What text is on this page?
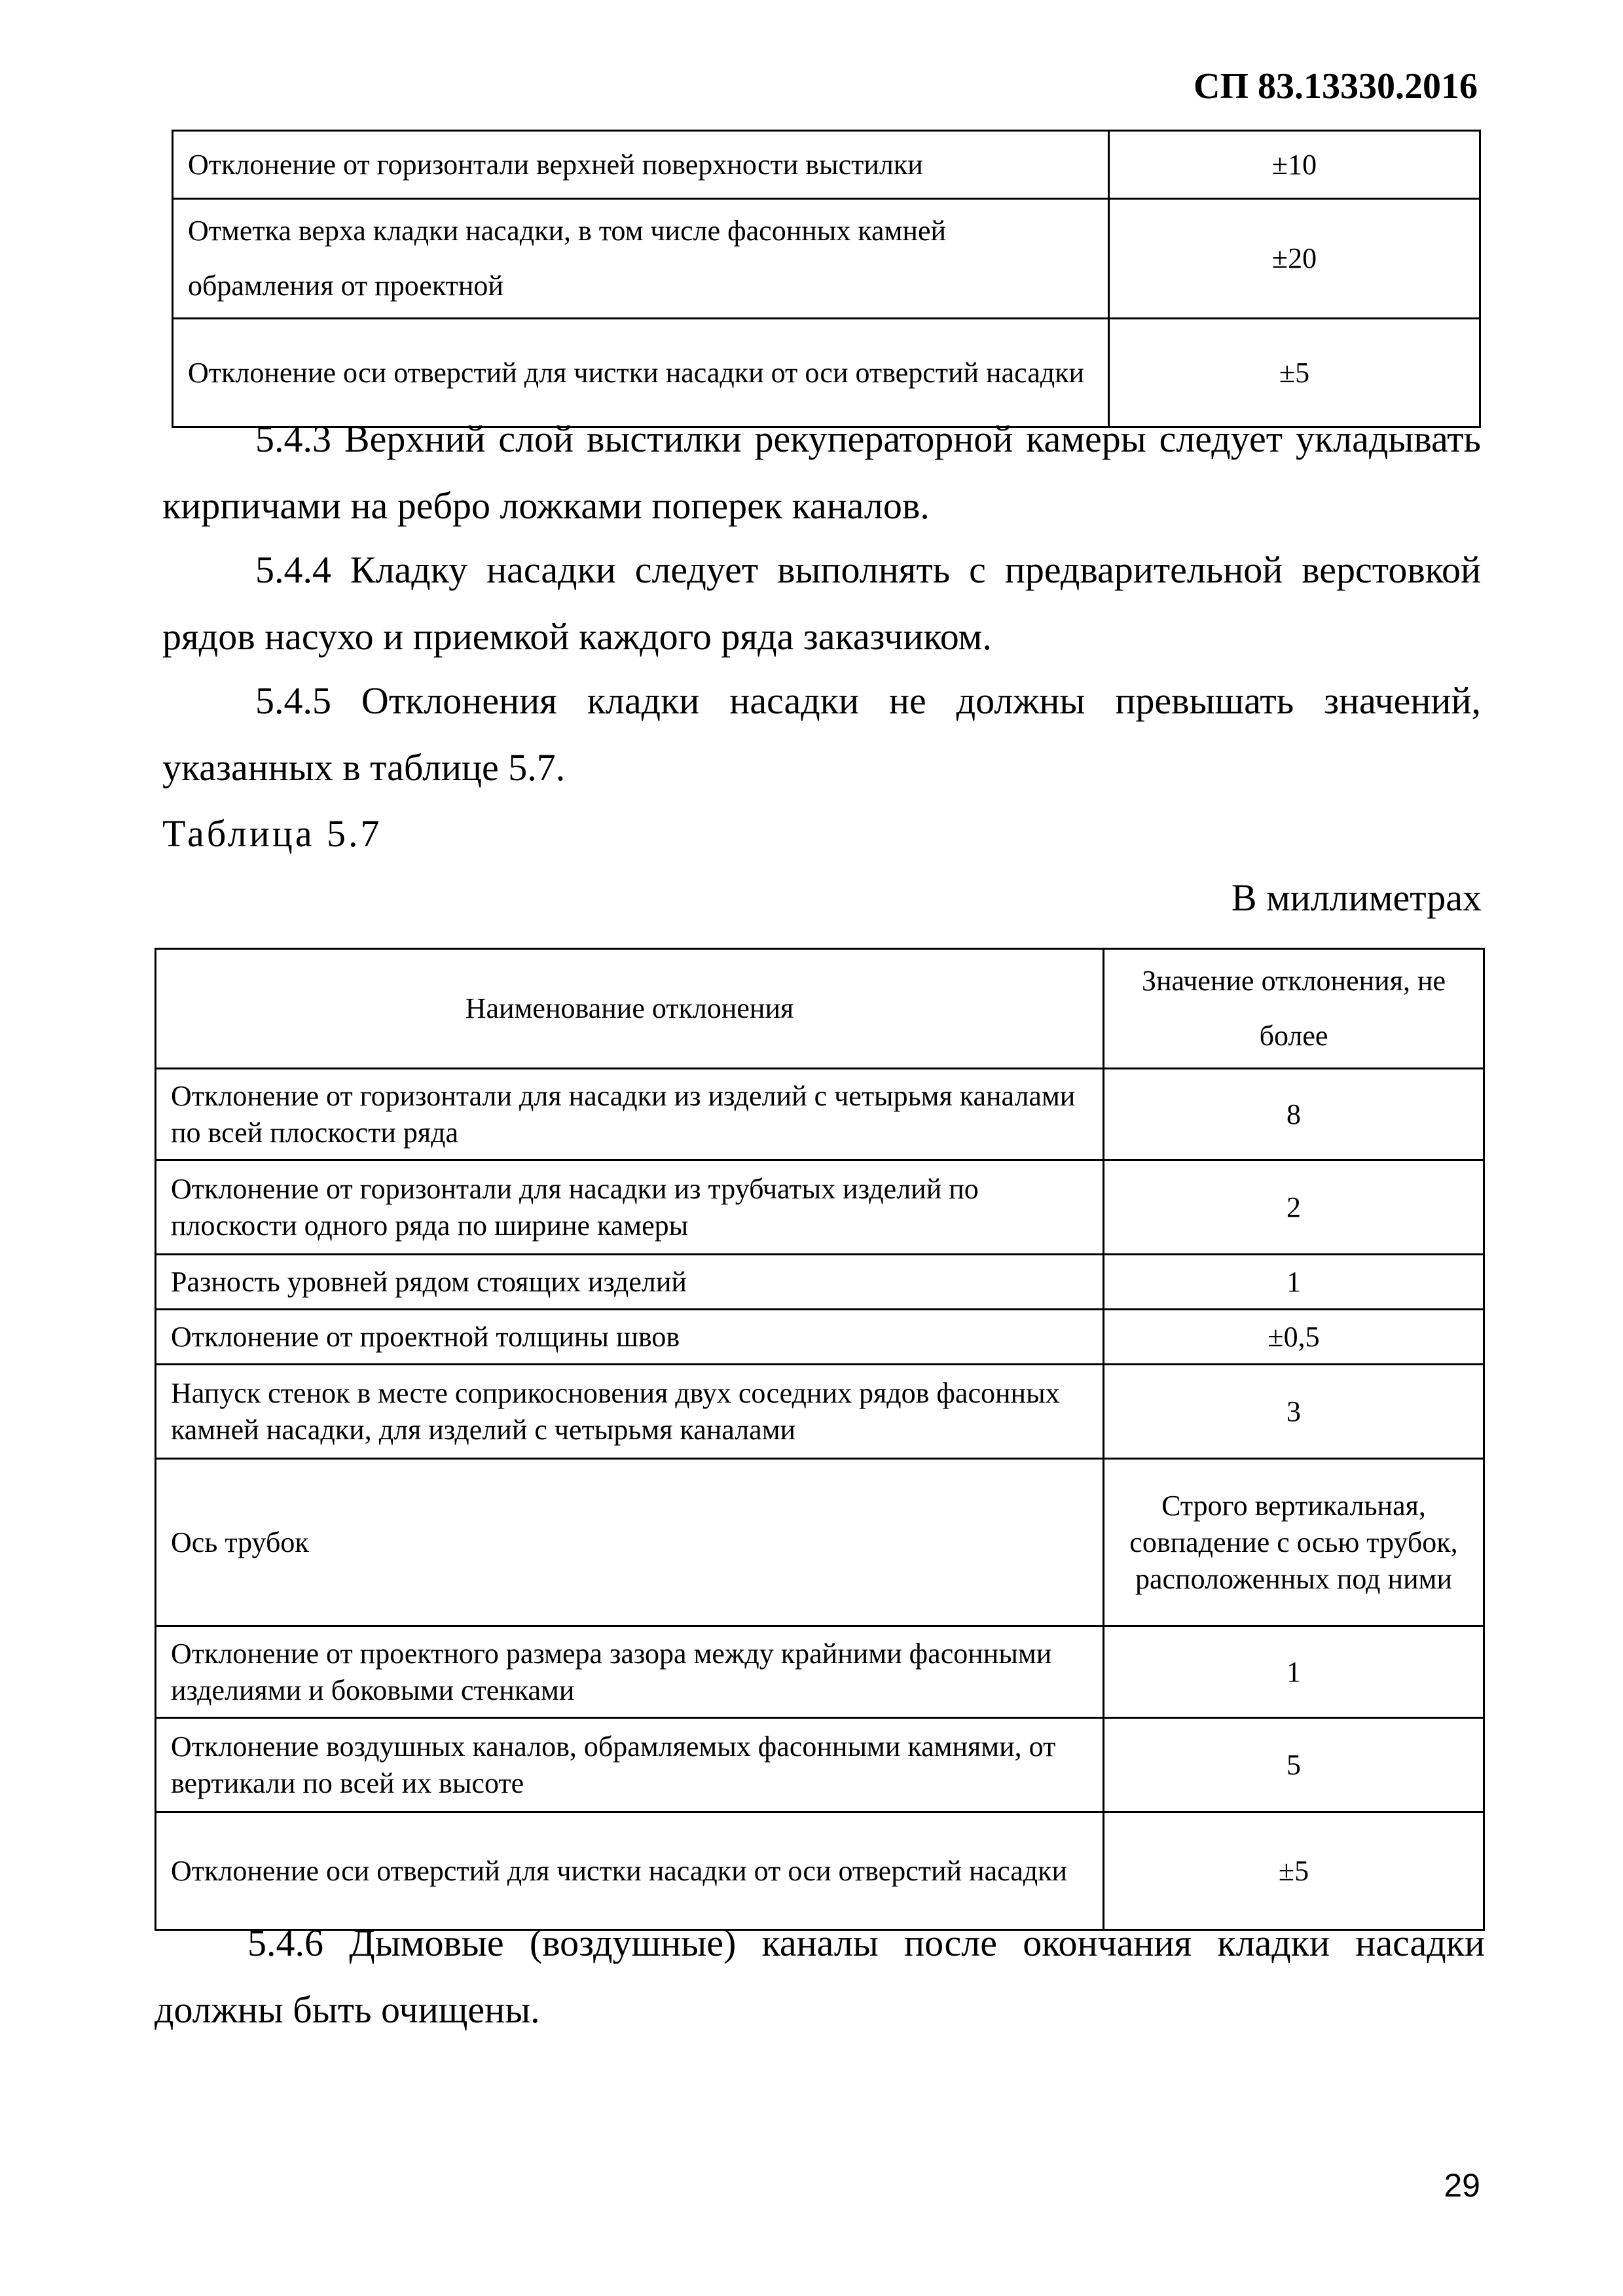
СП 83.13330.2016
Отклонение от горизонтали верхней поверхности выстилки	±10
Отметка верха кладки насадки, в том числе фасонных камней обрамления от проектной	±20
Отклонение оси отверстий для чистки насадки от оси отверстий насадки	±5
5.4.3 Верхний слой выстилки рекуператорной камеры следует укладывать
кирпичами на ребро ложками поперек каналов.
5.4.4 Кладку насадки следует выполнять с предварительной верстовкой
рядов насухо и приемкой каждого ряда заказчиком.
5.4.5 Отклонения кладки насадки не должны превышать значений,
указанных в таблице 5.7.
Таблица 5.7
В миллиметрах
Наименование отклонения	Значение отклонения, не более
Отклонение от горизонтали для насадки из изделий с четырьмя каналами по всей плоскости ряда	8
Отклонение от горизонтали для насадки из трубчатых изделий по плоскости одного ряда по ширине камеры	2
Разность уровней рядом стоящих изделий	1
Отклонение от проектной толщины швов	±0,5
Напуск стенок в месте соприкосновения двух соседних рядов фасонных камней насадки, для изделий с четырьмя каналами	3
Ось трубок	Строго вертикальная, совпадение с осью трубок, расположенных под ними
Отклонение от проектного размера зазора между крайними фасонными изделиями и боковыми стенками	1
Отклонение воздушных каналов, обрамляемых фасонными камнями, от вертикали по всей их высоте	5
Отклонение оси отверстий для чистки насадки от оси отверстий насадки	±5
5.4.6 Дымовые (воздушные) каналы после окончания кладки насадки
должны быть очищены.
29
